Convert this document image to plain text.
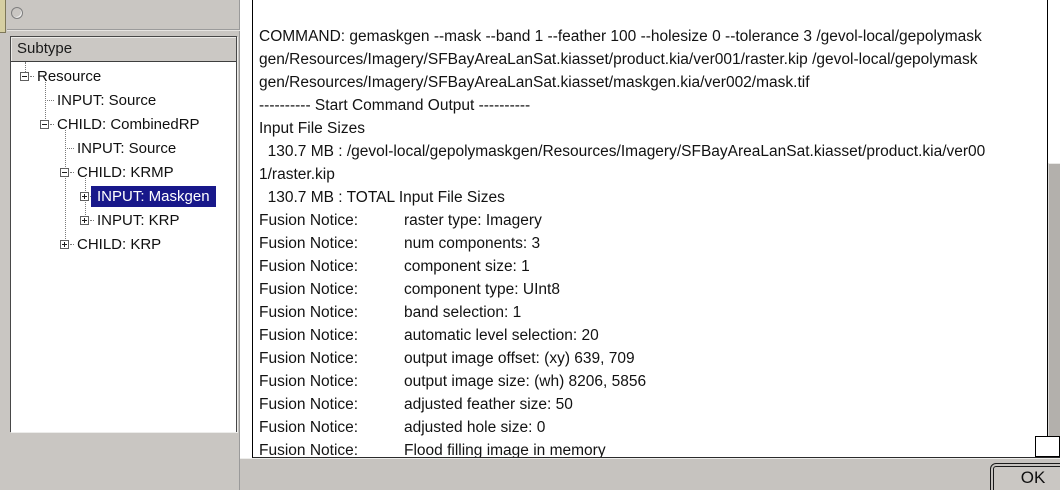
Subtype
Resource
INPUT: Source
CHILD: CombinedRP
INPUT: Source
CHILD: KRMP
INPUT: Maskgen
INPUT: KRP
CHILD: KRP
COMMAND: gemaskgen --mask --band 1 --feather 100 --holesize 0 --tolerance 3 /gevol-local/gepolymask
gen/Resources/Imagery/SFBayAreaLanSat.kiasset/product.kia/ver001/raster.kip /gevol-local/gepolymask
gen/Resources/Imagery/SFBayAreaLanSat.kiasset/maskgen.kia/ver002/mask.tif
---------- Start Command Output ----------
Input File Sizes
130.7 MB : /gevol-local/gepolymaskgen/Resources/Imagery/SFBayAreaLanSat.kiasset/product.kia/ver00
1/raster.kip
130.7 MB : TOTAL Input File Sizes
Fusion Notice:	raster type: Imagery
Fusion Notice:	num components: 3
Fusion Notice:	component size: 1
Fusion Notice:	component type: UInt8
Fusion Notice:	band selection: 1
Fusion Notice:	automatic level selection: 20
Fusion Notice:	output image offset: (xy) 639, 709
Fusion Notice:	output image size: (wh) 8206, 5856
Fusion Notice:	adjusted feather size: 50
Fusion Notice:	adjusted hole size: 0
Fusion Notice:	Flood filling image in memory
OK
